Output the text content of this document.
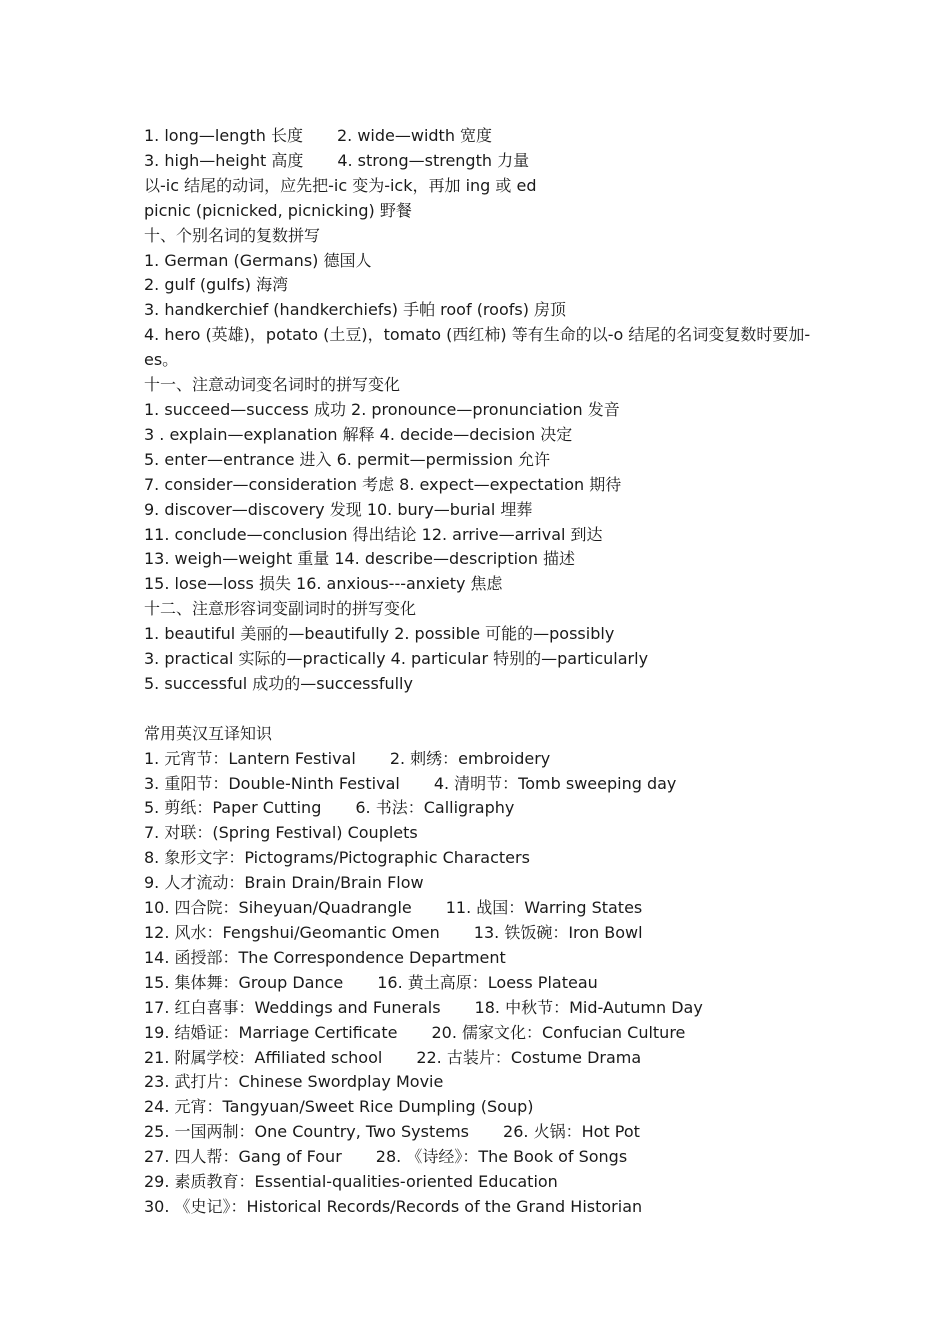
1. long—length 长度 2. wide—width 宽度
3. high—height 高度 4. strong—strength 力量
以-ic 结尾的动词，应先把-ic 变为-ick，再加 ing 或 ed
picnic (picnicked, picnicking) 野餐
十、个别名词的复数拼写
1. German (Germans) 德国人
2. gulf (gulfs) 海湾
3. handkerchief (handkerchiefs) 手帕 roof (roofs) 房顶
4. hero (英雄)，potato (土豆)，tomato (西红柿) 等有生命的以-o 结尾的名词变复数时要加-es。
十一、注意动词变名词时的拼写变化
1. succeed—success 成功 2. pronounce—pronunciation 发音
3 . explain—explanation 解释 4. decide—decision 决定
5. enter—entrance 进入 6. permit—permission 允许
7. consider—consideration 考虑 8. expect—expectation 期待
9. discover—discovery 发现 10. bury—burial 埋葬
11. conclude—conclusion 得出结论 12. arrive—arrival 到达
13. weigh—weight 重量 14. describe—description 描述
15. lose—loss 损失 16. anxious---anxiety 焦虑
十二、注意形容词变副词时的拼写变化
1. beautiful 美丽的—beautifully 2. possible 可能的—possibly
3. practical 实际的—practically 4. particular 特别的—particularly
5. successful 成功的—successfully
常用英汉互译知识
1. 元宵节：Lantern Festival 2. 刺绣：embroidery
3. 重阳节：Double-Ninth Festival 4. 清明节：Tomb sweeping day
5. 剪纸：Paper Cutting 6. 书法：Calligraphy
7. 对联：(Spring Festival) Couplets
8. 象形文字：Pictograms/Pictographic Characters
9. 人才流动：Brain Drain/Brain Flow
10. 四合院：Siheyuan/Quadrangle 11. 战国：Warring States
12. 风水：Fengshui/Geomantic Omen 13. 铁饭碗：Iron Bowl
14. 函授部：The Correspondence Department
15. 集体舞：Group Dance 16. 黄土高原：Loess Plateau
17. 红白喜事：Weddings and Funerals 18. 中秋节：Mid-Autumn Day
19. 结婚证：Marriage Certificate 20. 儒家文化：Confucian Culture
21. 附属学校：Affiliated school 22. 古装片：Costume Drama
23. 武打片：Chinese Swordplay Movie
24. 元宵：Tangyuan/Sweet Rice Dumpling (Soup)
25. 一国两制：One Country, Two Systems 26. 火锅：Hot Pot
27. 四人帮：Gang of Four 28. 《诗经》：The Book of Songs
29. 素质教育：Essential-qualities-oriented Education
30. 《史记》：Historical Records/Records of the Grand Historian
